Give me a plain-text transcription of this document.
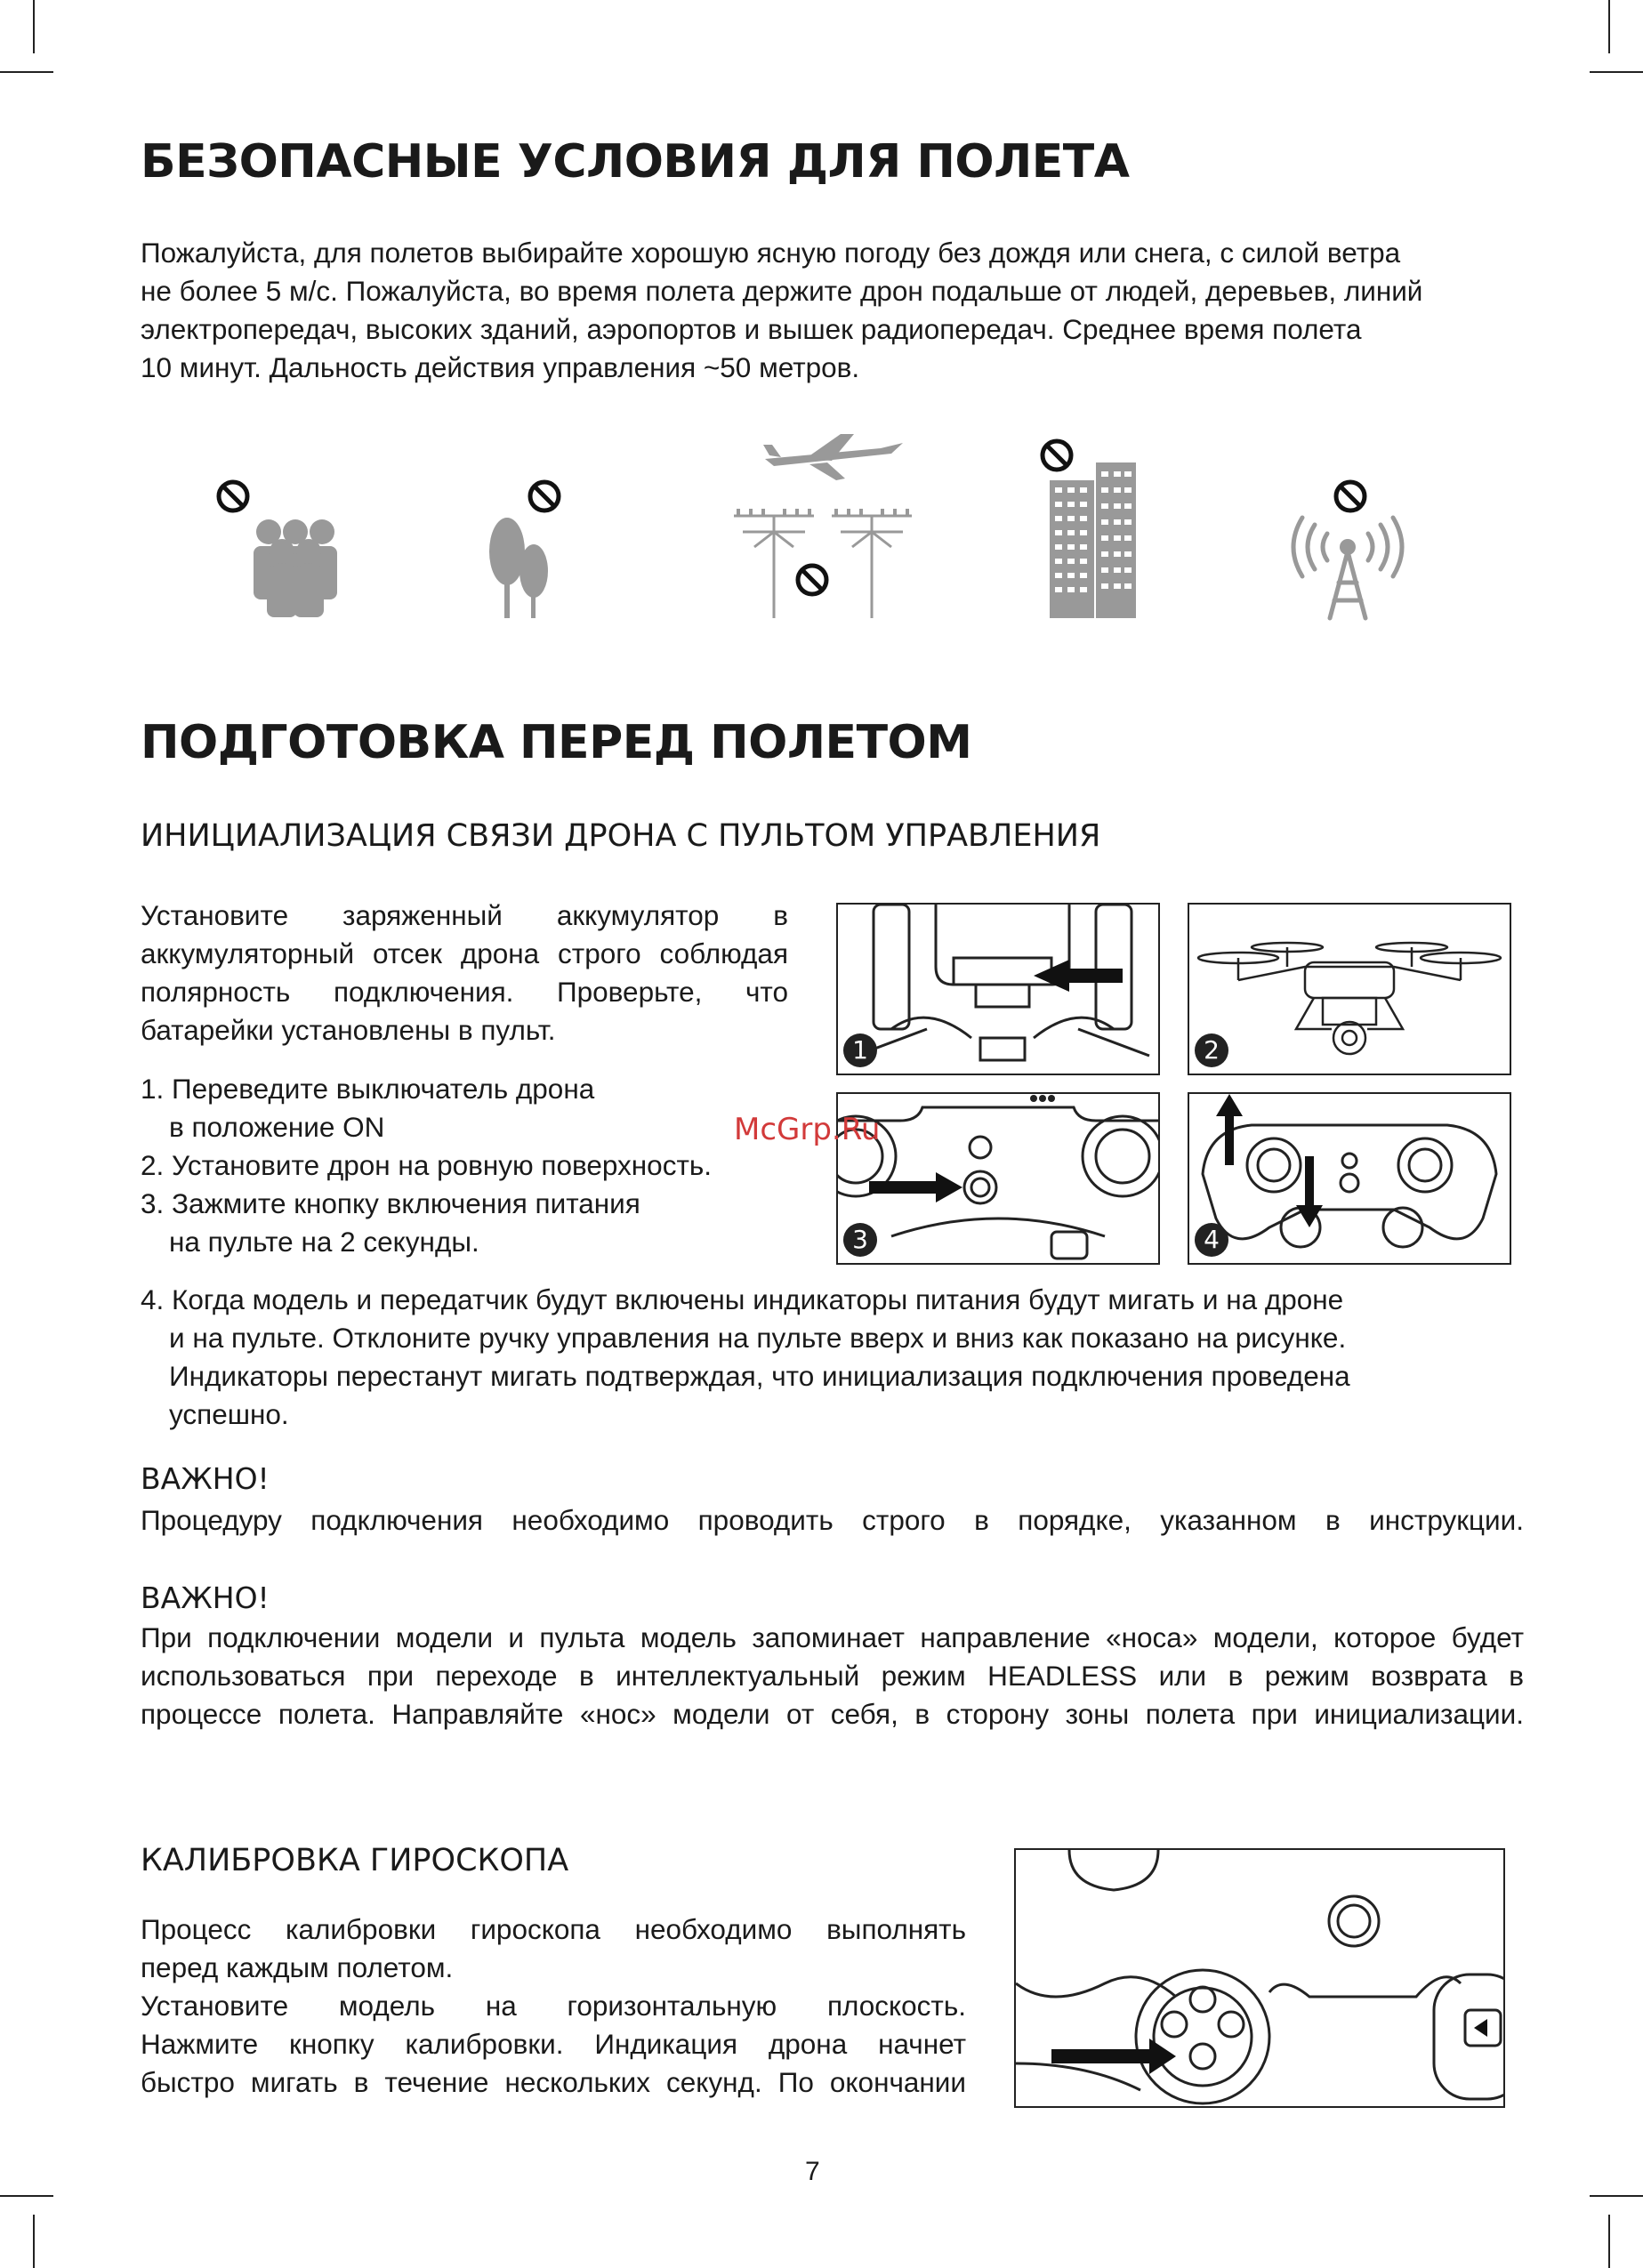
БЕЗОПАСНЫЕ УСЛОВИЯ ДЛЯ ПОЛЕТА
Пожалуйста, для полетов выбирайте хорошую ясную погоду без дождя или снега, с силой ветра
не более 5 м/с. Пожалуйста, во время полета держите дрон подальше от людей, деревьев, линий
электропередач, высоких зданий, аэропортов и вышек радиопередач. Среднее время полета
10 минут. Дальность действия управления ~50 метров.
ПОДГОТОВКА ПЕРЕД ПОЛЕТОМ
ИНИЦИАЛИЗАЦИЯ СВЯЗИ ДРОНА С ПУЛЬТОМ УПРАВЛЕНИЯ
Установите заряженный аккумулятор в
аккумуляторный отсек дрона строго соблюдая
полярность подключения. Проверьте, что
батарейки установлены в пульт.
1. Переведите выключатель дрона
в положение ON
2. Установите дрон на ровную поверхность.
3. Зажмите кнопку включения питания
на пульте на 2 секунды.
1	2
3	4
McGrp.Ru
4. Когда модель и передатчик будут включены индикаторы питания будут мигать и на дроне
и на пульте. Отклоните ручку управления на пульте вверх и вниз как показано на рисунке.
Индикаторы перестанут мигать подтверждая, что инициализация подключения проведена
успешно.
ВАЖНО!
Процедуру подключения необходимо проводить строго в порядке, указанном в инструкции.
ВАЖНО!
При подключении модели и пульта модель запоминает направление «носа» модели, которое будет
использоваться при переходе в интеллектуальный режим HEADLESS или в режим возврата в
процессе полета. Направляйте «нос» модели от себя, в сторону зоны полета при инициализации.
КАЛИБРОВКА ГИРОСКОПА
Процесс калибровки гироскопа необходимо выполнять
перед каждым полетом.
Установите модель на горизонтальную плоскость.
Нажмите кнопку калибровки. Индикация дрона начнет
быстро мигать в течение нескольких секунд. По окончании
7
